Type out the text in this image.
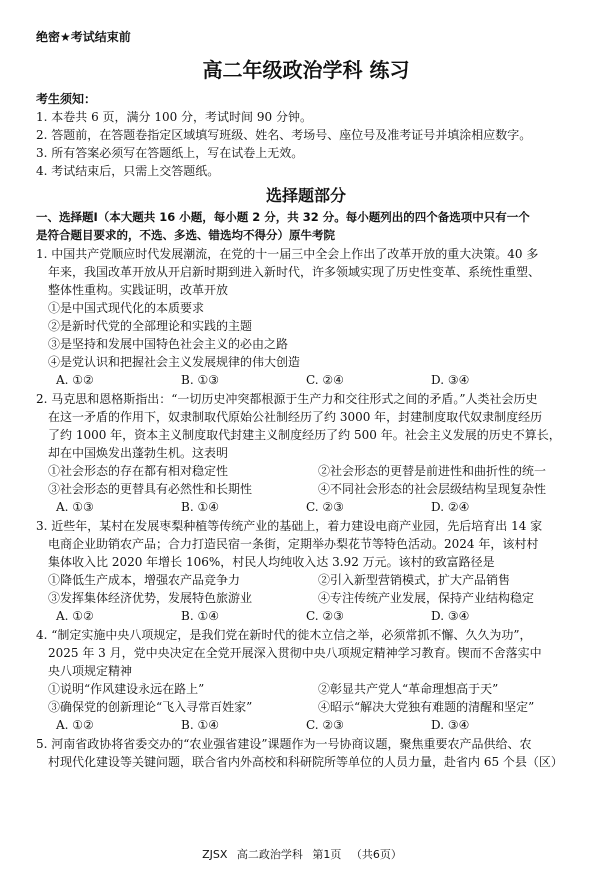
绝密★考试结束前
高二年级政治学科 练习
考生须知：
1. 本卷共 6 页，满分 100 分，考试时间 90 分钟。
2. 答题前，在答题卷指定区域填写班级、姓名、考场号、座位号及准考证号并填涂相应数字。
3. 所有答案必须写在答题纸上，写在试卷上无效。
4. 考试结束后，只需上交答题纸。
选择题部分
一、选择题Ⅰ（本大题共 16 小题，每小题 2 分，共 32 分。每小题列出的四个备选项中只有一个
是符合题目要求的，不选、多选、错选均不得分）原牛考院
1. 中国共产党顺应时代发展潮流，在党的十一届三中全会上作出了改革开放的重大决策。40 多
年来，我国改革开放从开启新时期到进入新时代，许多领域实现了历史性变革、系统性重塑、
整体性重构。实践证明，改革开放
①是中国式现代化的本质要求
②是新时代党的全部理论和实践的主题
③是坚持和发展中国特色社会主义的必由之路
④是党认识和把握社会主义发展规律的伟大创造
A. ①②	B. ①③	C. ②④	D. ③④
2. 马克思和恩格斯指出：“一切历史冲突都根源于生产力和交往形式之间的矛盾。”人类社会历史
在这一矛盾的作用下，奴隶制取代原始公社制经历了约 3000 年，封建制度取代奴隶制度经历
了约 1000 年，资本主义制度取代封建主义制度经历了约 500 年。社会主义发展的历史不算长，
却在中国焕发出蓬勃生机。这表明
①社会形态的存在都有相对稳定性	②社会形态的更替是前进性和曲折性的统一
③社会形态的更替具有必然性和长期性	④不同社会形态的社会层级结构呈现复杂性
A. ①③	B. ①④	C. ②③	D. ②④
3. 近些年，某村在发展枣梨种植等传统产业的基础上，着力建设电商产业园，先后培育出 14 家
电商企业助销农产品；合力打造民宿一条街，定期举办梨花节等特色活动。2024 年，该村村
集体收入比 2020 年增长 106%，村民人均纯收入达 3.92 万元。该村的致富路径是
①降低生产成本，增强农产品竞争力	②引入新型营销模式，扩大产品销售
③发挥集体经济优势，发展特色旅游业	④专注传统产业发展，保持产业结构稳定
A. ①②	B. ①④	C. ②③	D. ③④
4. “制定实施中央八项规定，是我们党在新时代的徙木立信之举，必须常抓不懈、久久为功”，
2025 年 3 月，党中央决定在全党开展深入贯彻中央八项规定精神学习教育。锲而不舍落实中
央八项规定精神
①说明“作风建设永远在路上”	②彰显共产党人“革命理想高于天”
③确保党的创新理论“飞入寻常百姓家”	④昭示“解决大党独有难题的清醒和坚定”
A. ①②	B. ①④	C. ②③	D. ③④
5. 河南省政协将省委交办的“农业强省建设”课题作为一号协商议题，聚焦重要农产品供给、农
村现代化建设等关键问题，联合省内外高校和科研院所等单位的人员力量，赴省内 65 个县（区）
ZJSX 高二政治学科 第1页 （共6页）
